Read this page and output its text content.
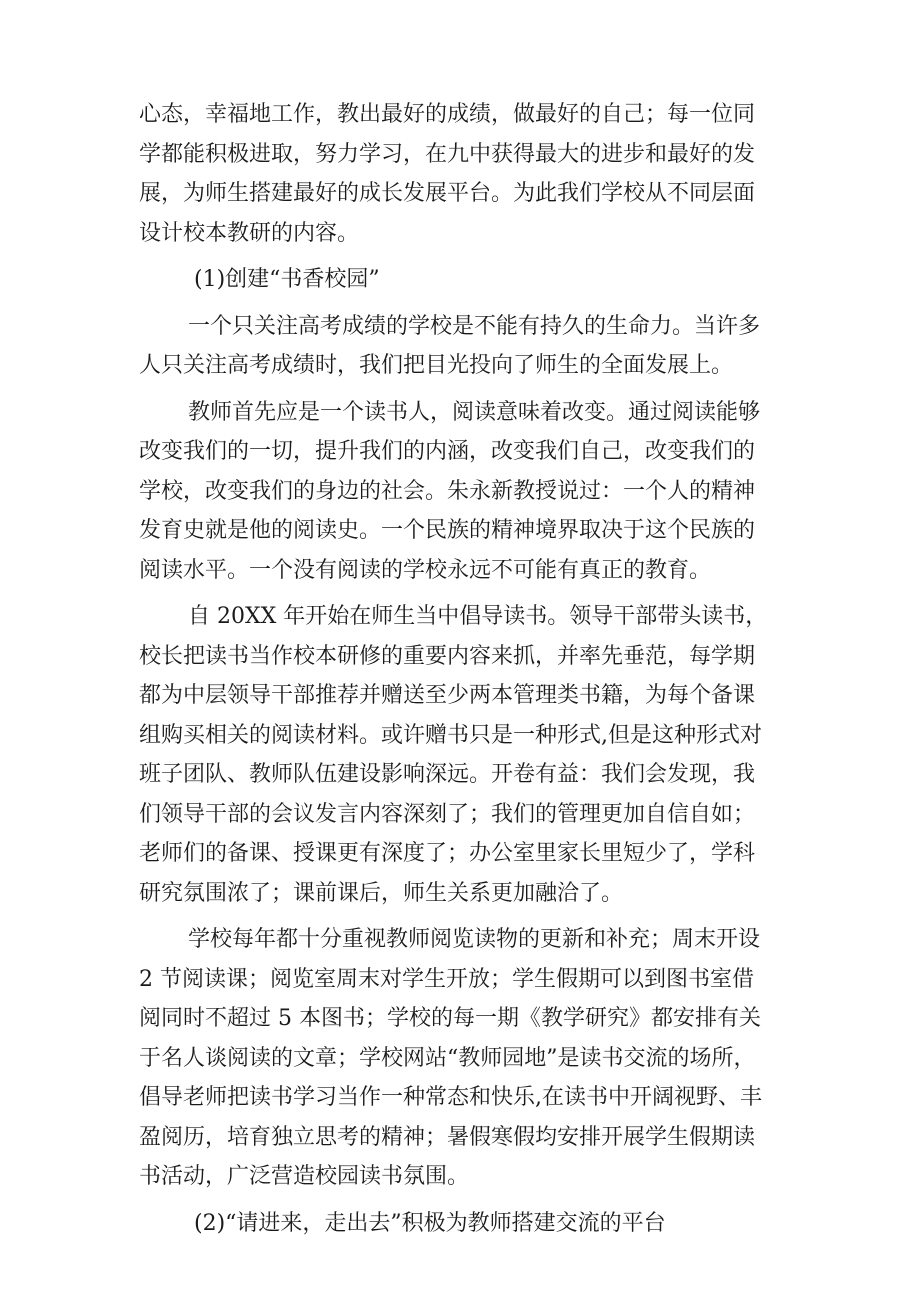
心态，幸福地工作，教出最好的成绩，做最好的自己；每一位同
学都能积极进取，努力学习，在九中获得最大的进步和最好的发
展，为师生搭建最好的成长发展平台。为此我们学校从不同层面
设计校本教研的内容。
(1)创建“书香校园”
一个只关注高考成绩的学校是不能有持久的生命力。当许多
人只关注高考成绩时，我们把目光投向了师生的全面发展上。
教师首先应是一个读书人，阅读意味着改变。通过阅读能够
改变我们的一切，提升我们的内涵，改变我们自己，改变我们的
学校，改变我们的身边的社会。朱永新教授说过：一个人的精神
发育史就是他的阅读史。一个民族的精神境界取决于这个民族的
阅读水平。一个没有阅读的学校永远不可能有真正的教育。
自 20XX 年开始在师生当中倡导读书。领导干部带头读书，
校长把读书当作校本研修的重要内容来抓，并率先垂范，每学期
都为中层领导干部推荐并赠送至少两本管理类书籍，为每个备课
组购买相关的阅读材料。或许赠书只是一种形式,但是这种形式对
班子团队、教师队伍建设影响深远。开卷有益：我们会发现，我
们领导干部的会议发言内容深刻了；我们的管理更加自信自如；
老师们的备课、授课更有深度了；办公室里家长里短少了，学科
研究氛围浓了；课前课后，师生关系更加融洽了。
学校每年都十分重视教师阅览读物的更新和补充；周末开设
2 节阅读课；阅览室周末对学生开放；学生假期可以到图书室借
阅同时不超过 5 本图书；学校的每一期《教学研究》都安排有关
于名人谈阅读的文章；学校网站“教师园地”是读书交流的场所，
倡导老师把读书学习当作一种常态和快乐,在读书中开阔视野、丰
盈阅历，培育独立思考的精神；暑假寒假均安排开展学生假期读
书活动，广泛营造校园读书氛围。
(2)“请进来，走出去”积极为教师搭建交流的平台
